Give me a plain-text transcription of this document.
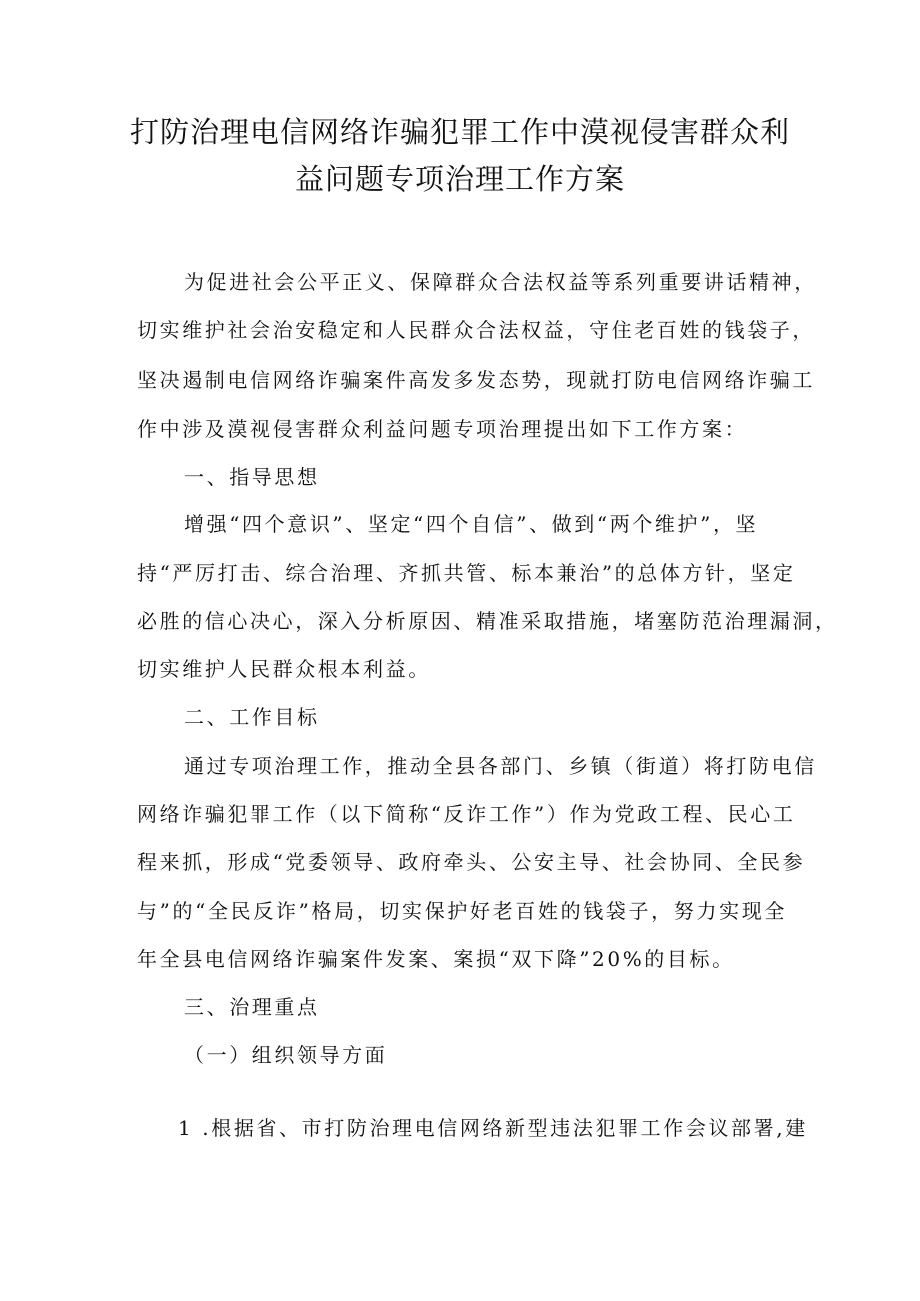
打防治理电信网络诈骗犯罪工作中漠视侵害群众利
益问题专项治理工作方案
为促进社会公平正义、保障群众合法权益等系列重要讲话精神，
切实维护社会治安稳定和人民群众合法权益，守住老百姓的钱袋子，
坚决遏制电信网络诈骗案件高发多发态势，现就打防电信网络诈骗工
作中涉及漠视侵害群众利益问题专项治理提出如下工作方案：
一、指导思想
增强“四个意识”、坚定“四个自信”、做到“两个维护”，坚
持“严厉打击、综合治理、齐抓共管、标本兼治”的总体方针，坚定
必胜的信心决心，深入分析原因、精准采取措施，堵塞防范治理漏洞，
切实维护人民群众根本利益。
二、工作目标
通过专项治理工作，推动全县各部门、乡镇（街道）将打防电信
网络诈骗犯罪工作（以下简称“反诈工作”）作为党政工程、民心工
程来抓，形成“党委领导、政府牵头、公安主导、社会协同、全民参
与”的“全民反诈”格局，切实保护好老百姓的钱袋子，努力实现全
年全县电信网络诈骗案件发案、案损“双下降”20%的目标。
三、治理重点
（一）组织领导方面
1 .根据省、市打防治理电信网络新型违法犯罪工作会议部署,建
